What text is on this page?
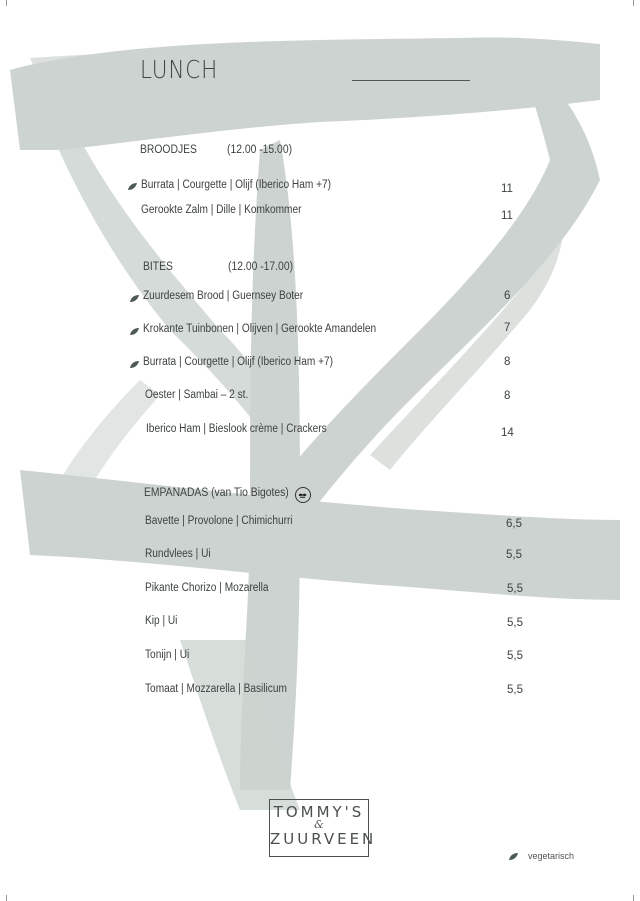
LUNCH
BROODJES	(12.00 -15.00)
Burrata | Courgette | Olijf (Iberico Ham +7)	11
Gerookte Zalm | Dille | Komkommer	11
BITES	(12.00 -17.00)
Zuurdesem Brood | Guernsey Boter	6
Krokante Tuinbonen | Olijven | Gerookte Amandelen	7
Burrata | Courgette | Olijf (Iberico Ham +7)	8
Oester | Sambai – 2 st.	8
Iberico Ham | Bieslook crème | Crackers	14
EMPANADAS (van Tio Bigotes)
Bavette | Provolone | Chimichurri	6,5
Rundvlees | Ui	5,5
Pikante Chorizo | Mozarella	5,5
Kip | Ui	5,5
Tonijn | Ui	5,5
Tomaat | Mozzarella | Basilicum	5,5
TOMMY'S
&
ZUURVEEN
vegetarisch
